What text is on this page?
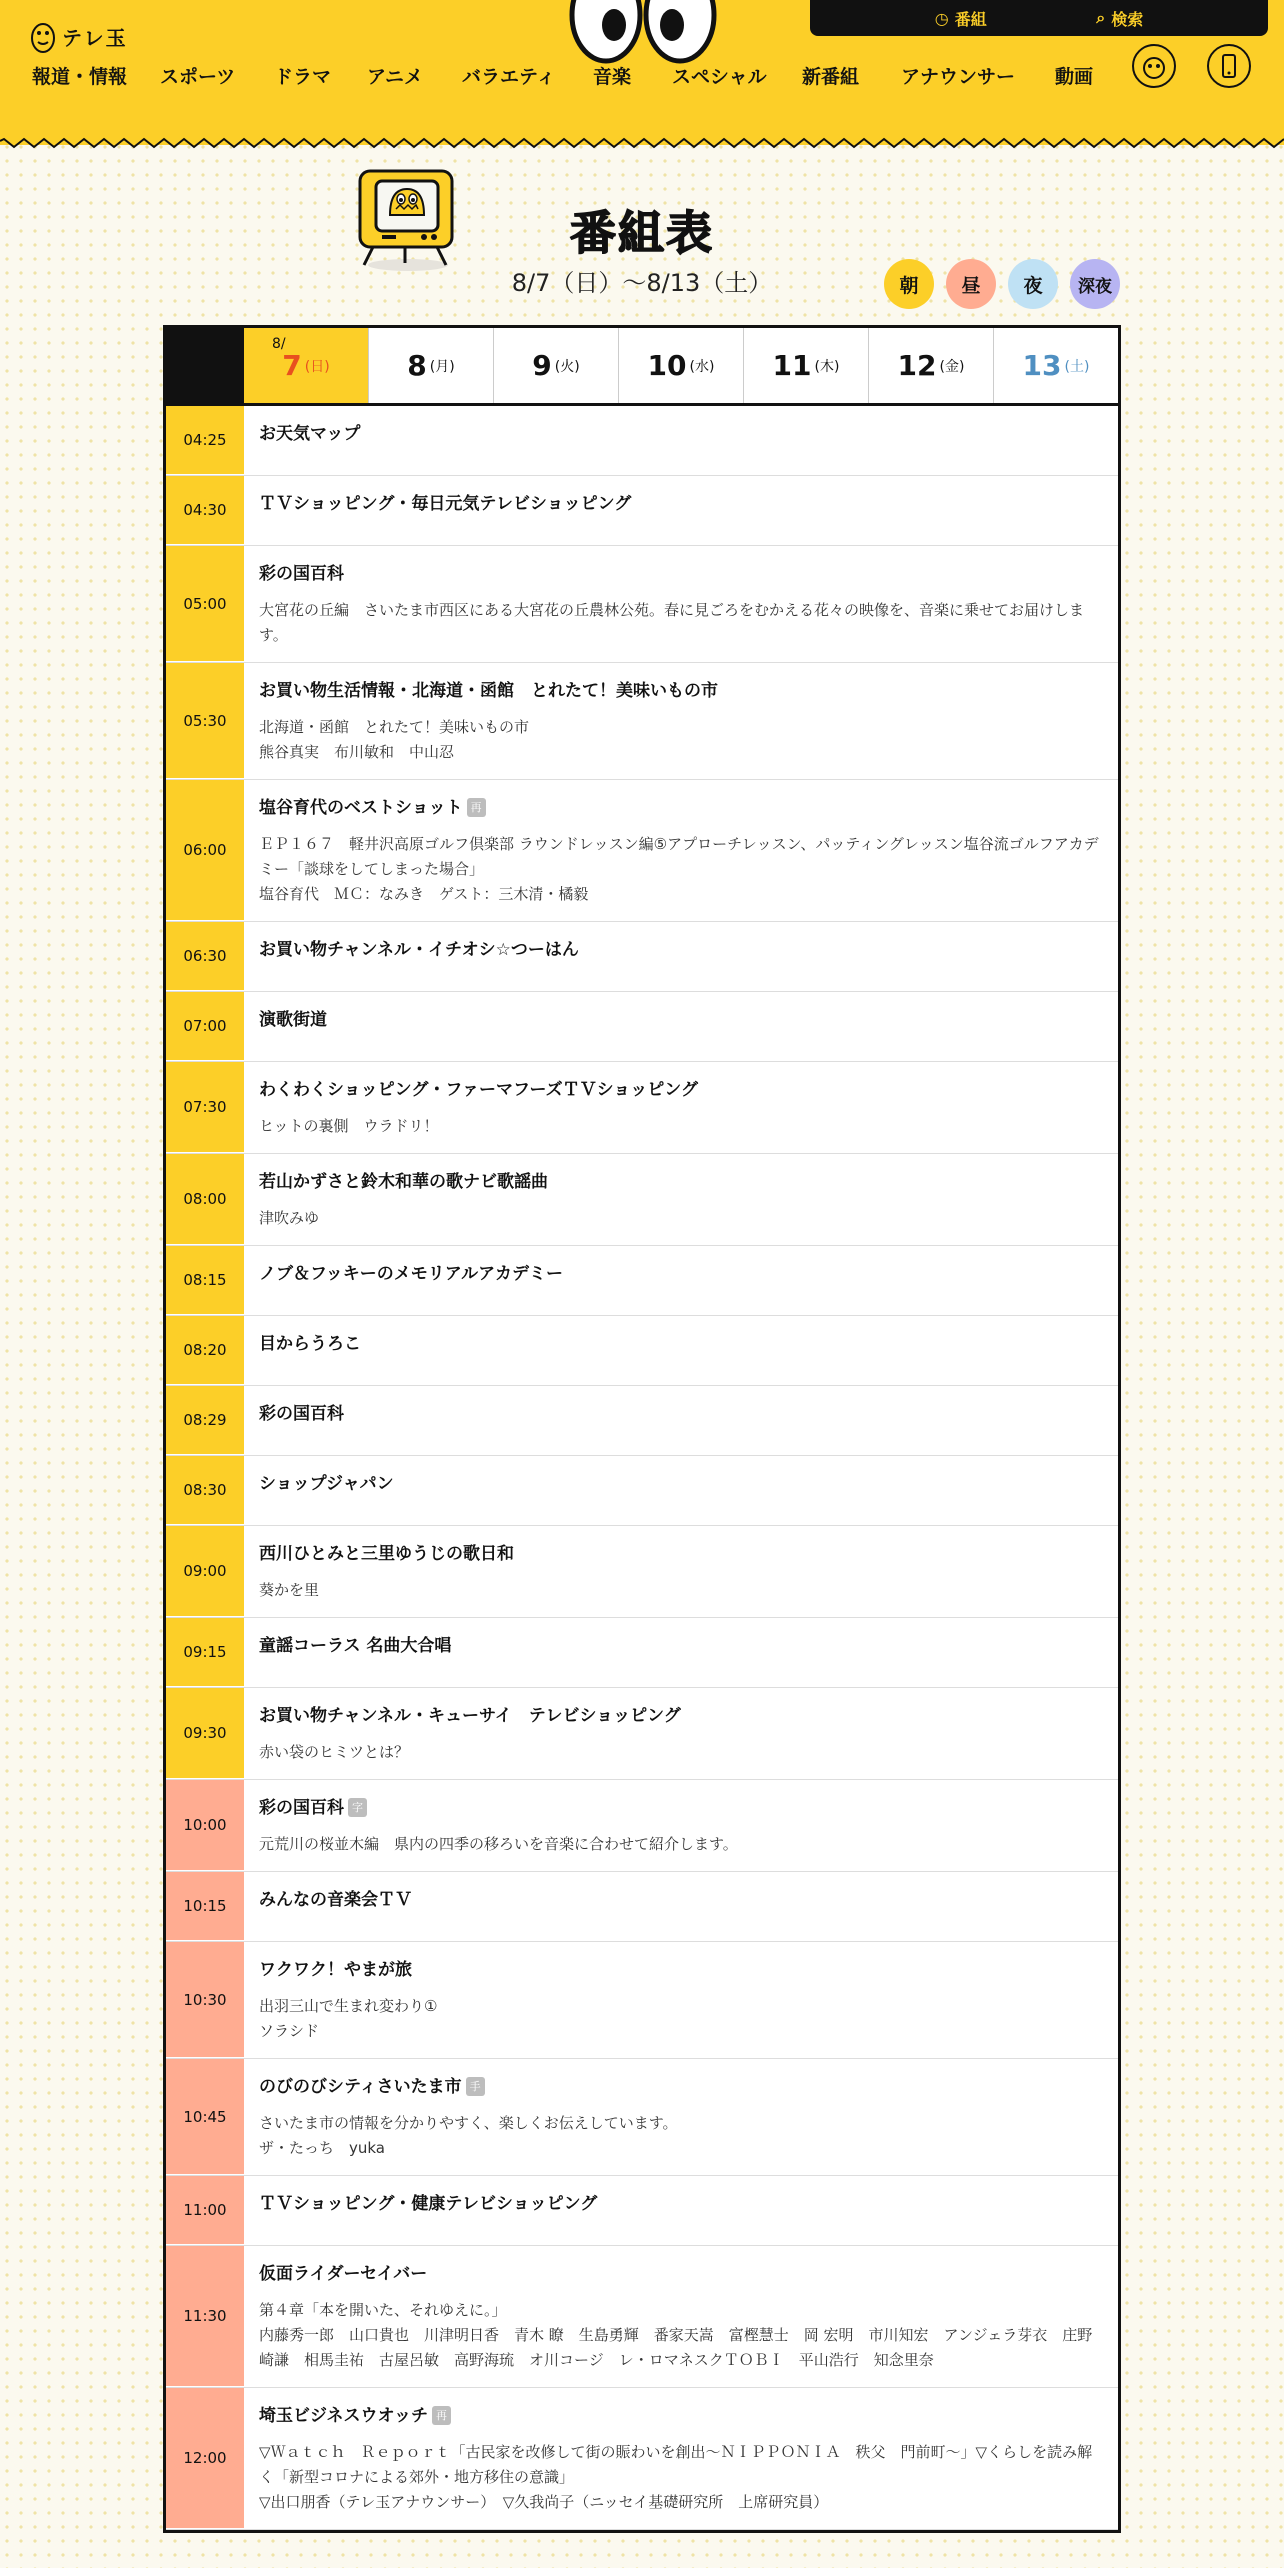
テレ玉
◷ 番組	⌕ 検索
報道・情報 スポーツ ドラマ アニメ バラエティ 音楽 スペシャル 新番組 アナウンサー 動画
番組表
8/7（日）〜8/13（土）	朝	昼	夜	深夜
8/
7 (日)	8 (月)	9 (火) 10 (水) 11 (木) 12 (金) 13 (土)
04:25	お天気マップ
04:30	ＴＶショッピング・毎日元気テレビショッピング
05:00
彩の国百科
大宮花の丘編　さいたま市西区にある大宮花の丘農林公苑。春に見ごろをむかえる花々の映像を、音楽に乗せてお届けします。
05:30
お買い物生活情報・北海道・函館　とれたて！美味いもの市
北海道・函館　とれたて！美味いもの市
熊谷真実　布川敏和　中山忍
06:00
塩谷育代のベストショット 再
ＥＰ１６７　軽井沢高原ゴルフ倶楽部 ラウンドレッスン編⑤アプローチレッスン、パッティングレッスン塩谷流ゴルフアカデミー「談球をしてしまった場合」
塩谷育代　ＭＣ：なみき　ゲスト：三木清・橘毅
06:30	お買い物チャンネル・イチオシ☆つーはん
07:00	演歌街道
07:30
わくわくショッピング・ファーマフーズＴＶショッピング
ヒットの裏側　ウラドリ！
08:00
若山かずさと鈴木和華の歌ナビ歌謡曲
津吹みゆ
08:15	ノブ＆フッキーのメモリアルアカデミー
08:20	目からうろこ
08:29	彩の国百科
08:30	ショップジャパン
09:00
西川ひとみと三里ゆうじの歌日和
葵かを里
09:15	童謡コーラス 名曲大合唱
09:30
お買い物チャンネル・キューサイ　テレビショッピング
赤い袋のヒミツとは？
10:00
彩の国百科 字
元荒川の桜並木編　県内の四季の移ろいを音楽に合わせて紹介します。
10:15	みんなの音楽会ＴＶ
10:30
ワクワク！やまが旅
出羽三山で生まれ変わり①
ソラシド
10:45
のびのびシティさいたま市 手
さいたま市の情報を分かりやすく、楽しくお伝えしています。
ザ・たっち　yuka
11:00	ＴＶショッピング・健康テレビショッピング
11:30
仮面ライダーセイバー
第４章「本を開いた、それゆえに。」
内藤秀一郎　山口貴也　川津明日香　青木 瞭　生島勇輝　番家天嵩　富樫慧士　岡 宏明　市川知宏　アンジェラ芽衣　庄野崎謙　相馬圭祐　古屋呂敏　高野海琉　オ川コージ　レ・ロマネスクＴＯＢＩ　平山浩行　知念里奈
12:00
埼玉ビジネスウオッチ 再
▽Ｗａｔｃｈ　Ｒｅｐｏｒｔ「古民家を改修して街の賑わいを創出～ＮＩＰＰＯＮＩＡ　秩父　門前町～」▽くらしを読み解く「新型コロナによる郊外・地方移住の意識」
▽出口朋香（テレ玉アナウンサー）　▽久我尚子（ニッセイ基礎研究所　上席研究員）
